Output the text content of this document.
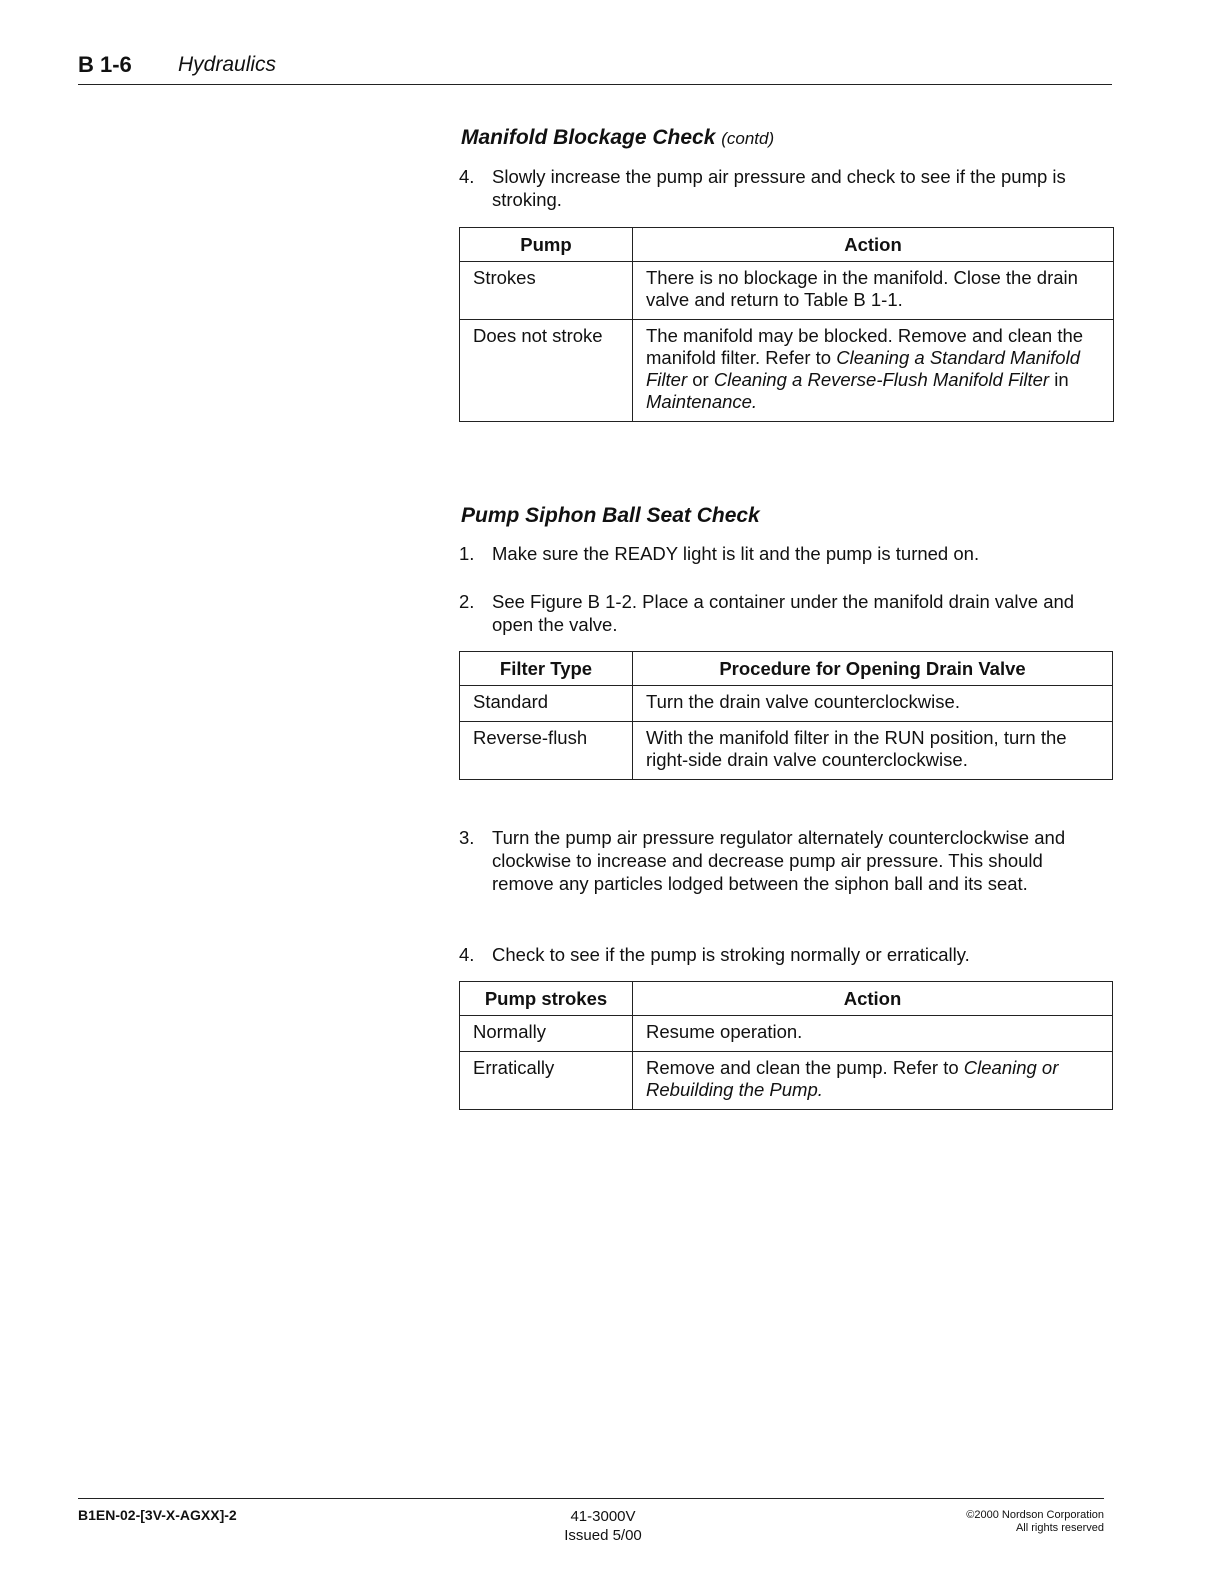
B 1-6 Hydraulics
Manifold Blockage Check (contd)
4. Slowly increase the pump air pressure and check to see if the pump is stroking.
Pump	Action
Strokes	There is no blockage in the manifold. Close the drain valve and return to Table B 1-1.
Does not stroke	The manifold may be blocked. Remove and clean the manifold filter. Refer to Cleaning a Standard Manifold Filter or Cleaning a Reverse-Flush Manifold Filter in Maintenance.
Pump Siphon Ball Seat Check
1. Make sure the READY light is lit and the pump is turned on.
2. See Figure B 1-2. Place a container under the manifold drain valve and open the valve.
Filter Type	Procedure for Opening Drain Valve
Standard	Turn the drain valve counterclockwise.
Reverse-flush	With the manifold filter in the RUN position, turn the right-side drain valve counterclockwise.
3. Turn the pump air pressure regulator alternately counterclockwise and clockwise to increase and decrease pump air pressure. This should remove any particles lodged between the siphon ball and its seat.
4. Check to see if the pump is stroking normally or erratically.
Pump strokes	Action
Normally	Resume operation.
Erratically	Remove and clean the pump. Refer to Cleaning or Rebuilding the Pump.
B1EN-02-[3V-X-AGXX]-2	41-3000V
Issued 5/00
©2000 Nordson Corporation
All rights reserved
